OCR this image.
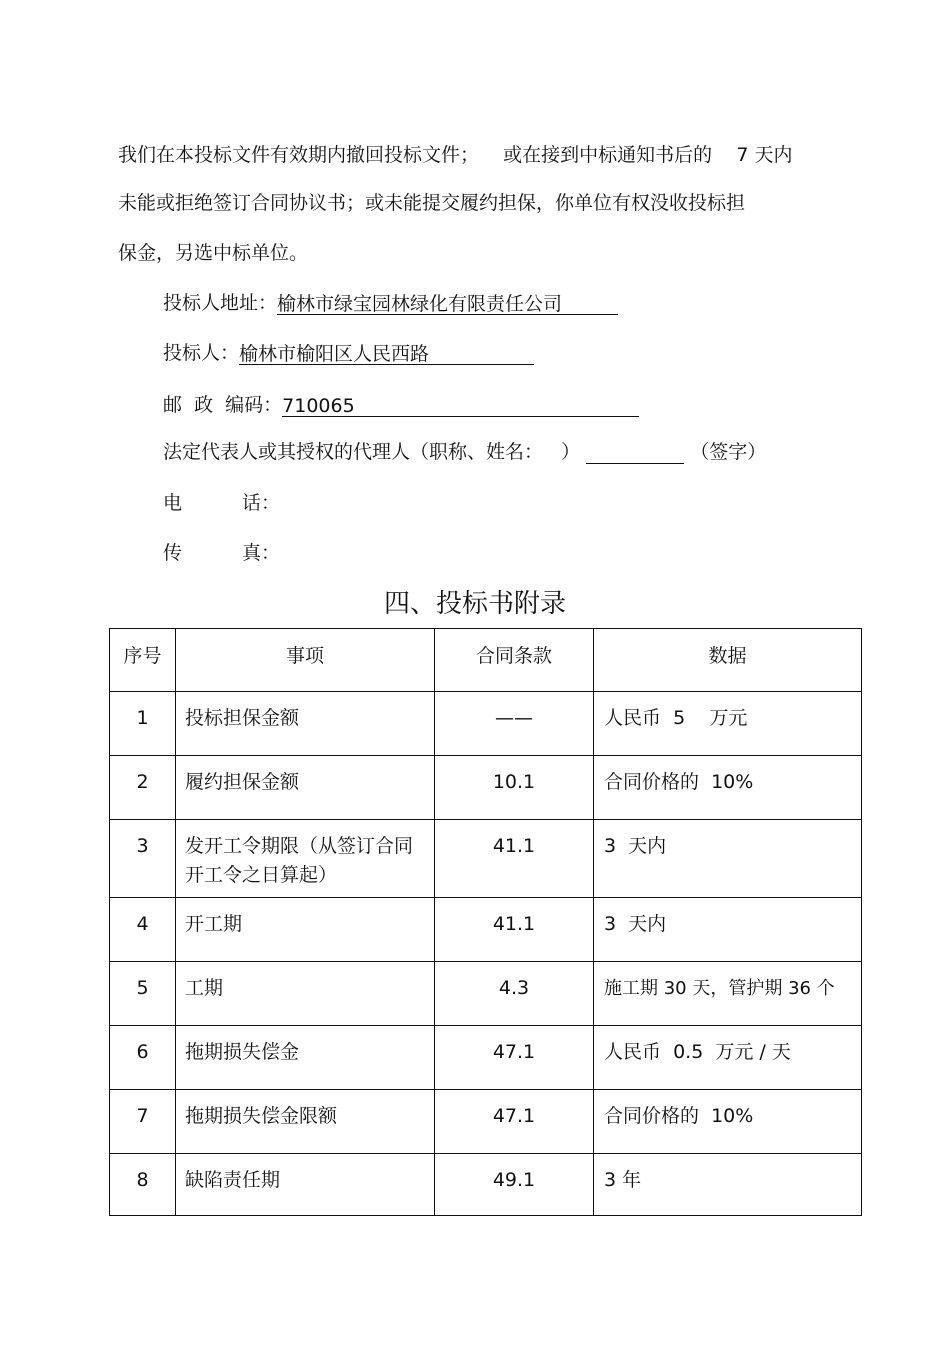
我们在本投标文件有效期内撤回投标文件；    或在接到中标通知书后的    7 天内
未能或拒绝签订合同协议书；或未能提交履约担保，你单位有权没收投标担
保金，另选中标单位。
投标人地址：榆林市绿宝园林绿化有限责任公司
投标人：榆林市榆阳区人民西路
邮  政  编码：710065
法定代表人或其授权的代理人（职称、姓名：   ）	（签字）
电	话：
传	真：
四、投标书附录
序号	事项	合同条款	数据

1	投标担保金额	——	人民币  5    万元

2	履约担保金额	10.1	合同价格的  10%

3	发开工令期限（从签订合同开工令之日算起）	41.1	3  天内

4	开工期	41.1	3  天内

5	工期	4.3	施工期 30 天，管护期 36 个

6	拖期损失偿金	47.1	人民币  0.5  万元 / 天

7	拖期损失偿金限额	47.1	合同价格的  10%

8	缺陷责任期	49.1	3 年
